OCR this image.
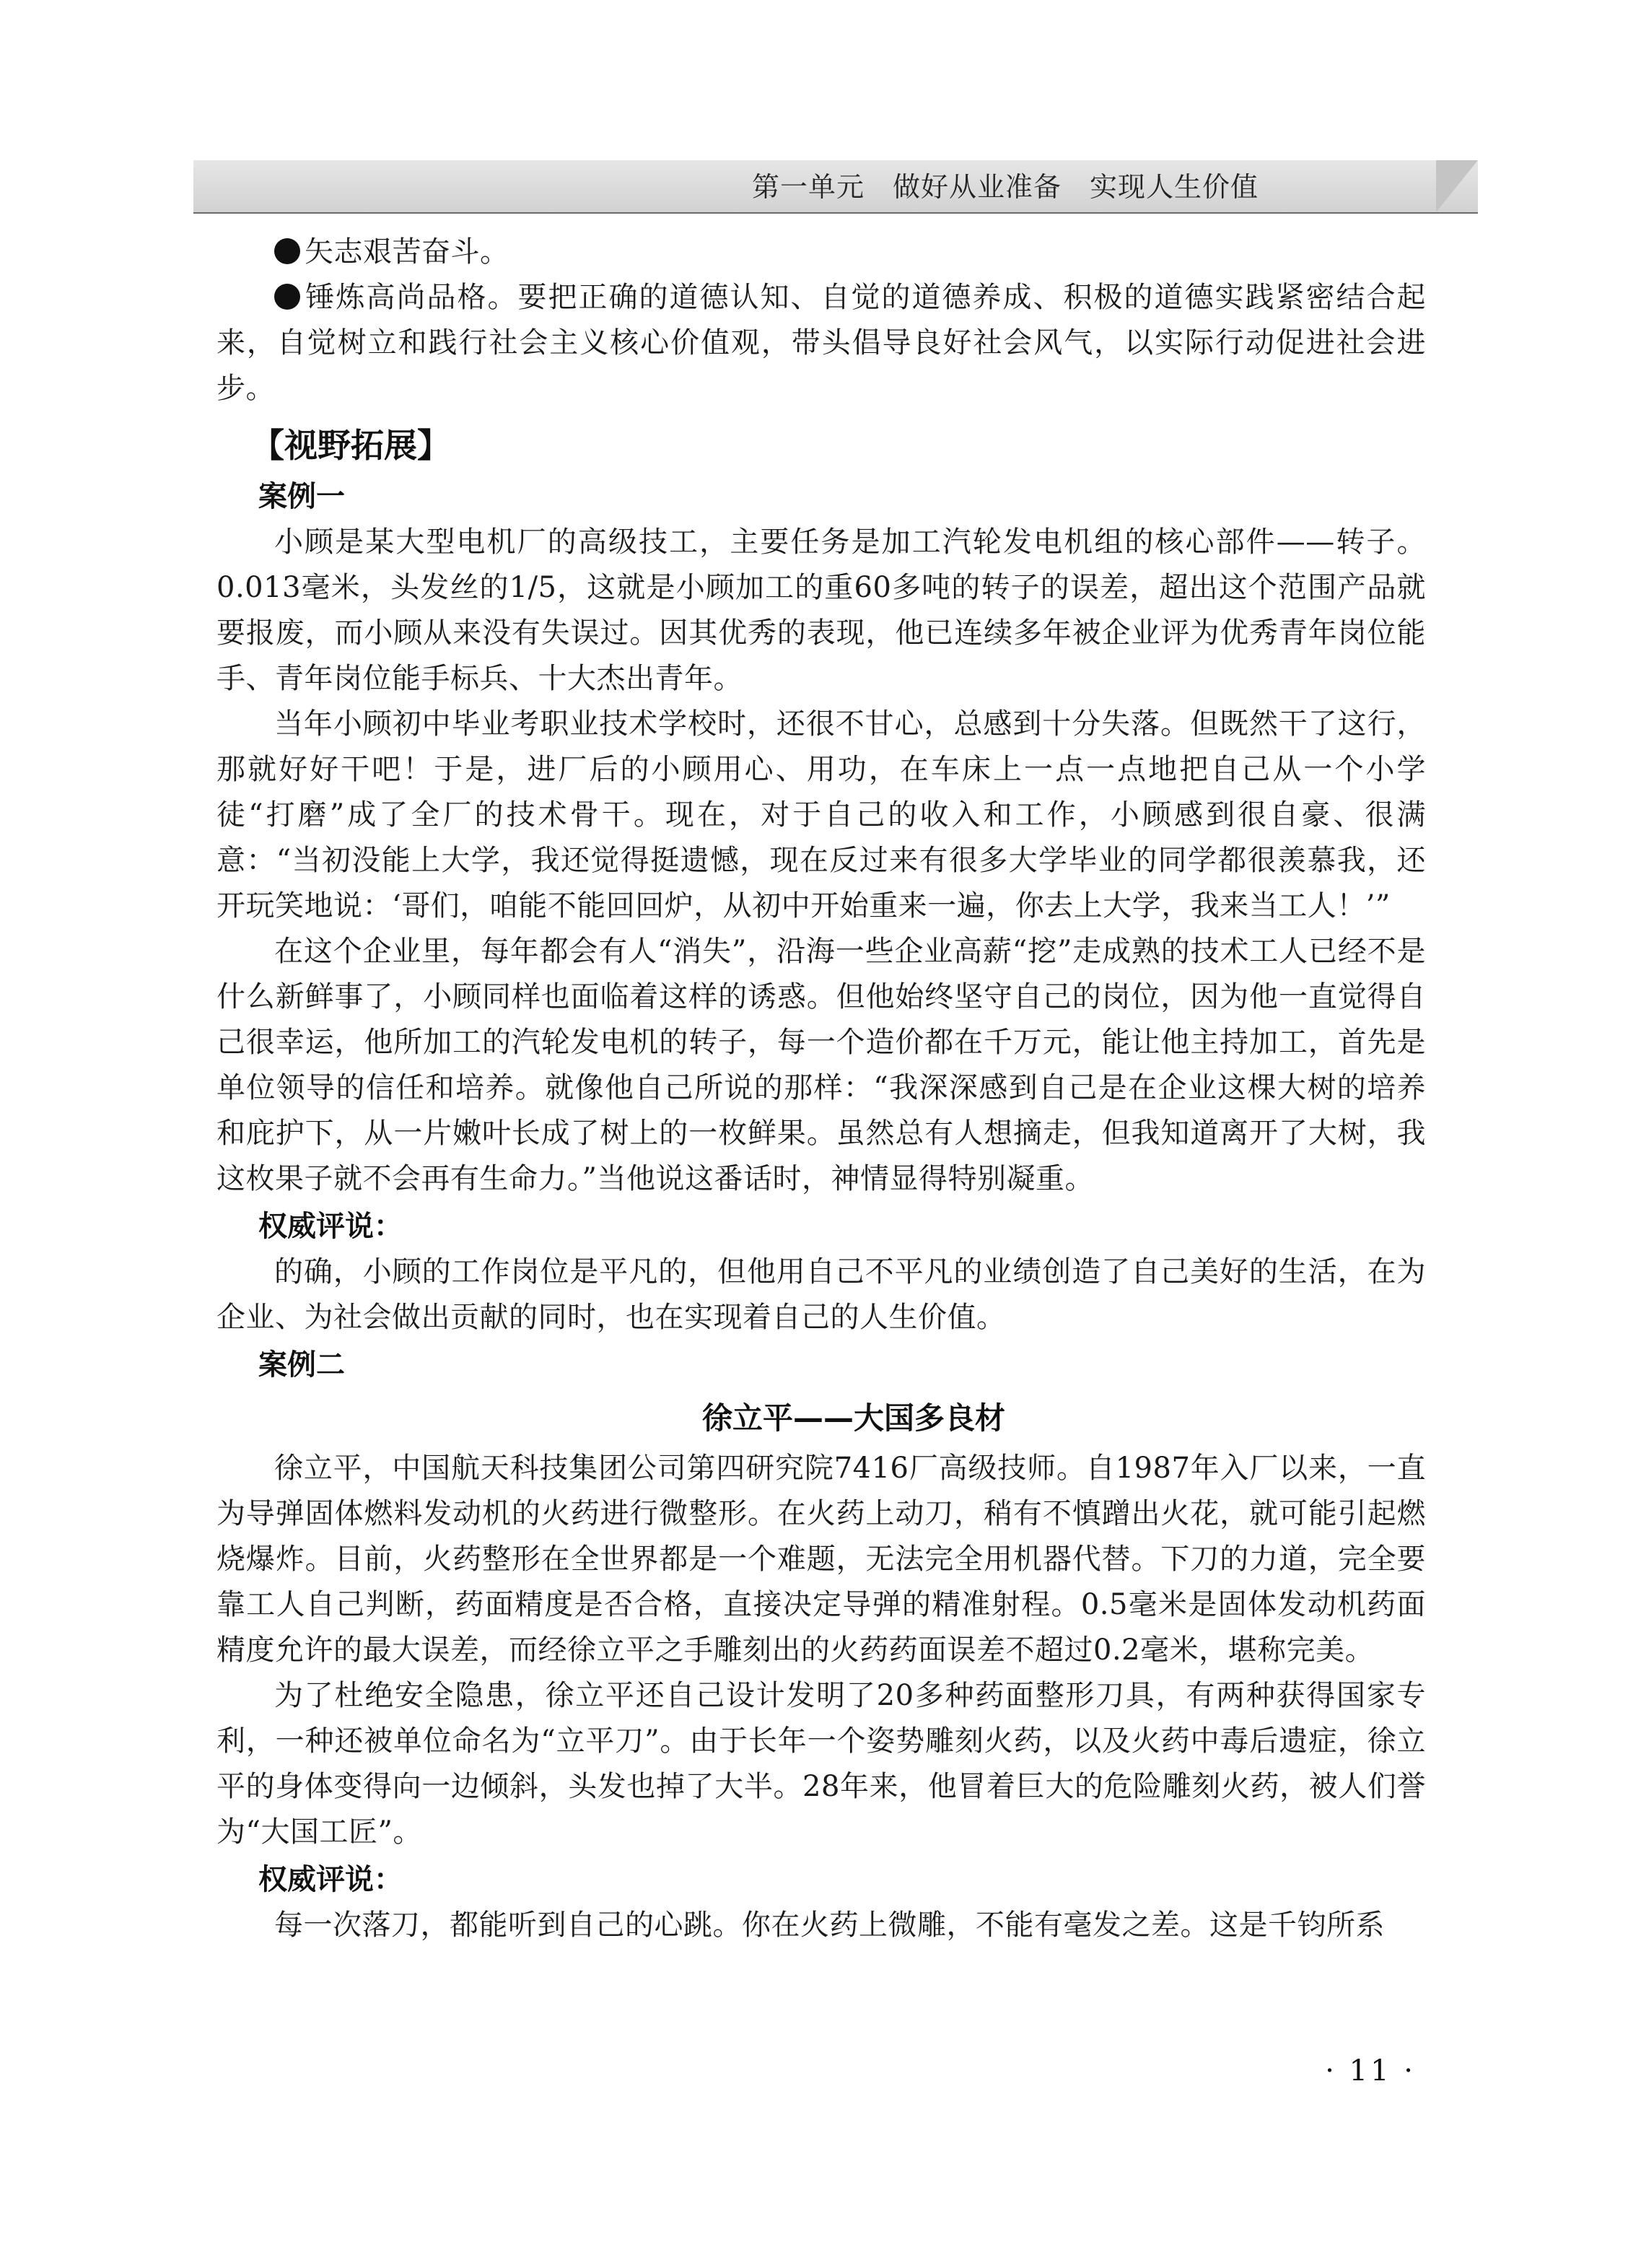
第一单元　做好从业准备　实现人生价值

矢志艰苦奋斗。

锤炼高尚品格。要把正确的道德认知、自觉的道德养成、积极的道德实践紧密结合起来，自觉树立和践行社会主义核心价值观，带头倡导良好社会风气，以实际行动促进社会进步。

【视野拓展】
案例一

小顾是某大型电机厂的高级技工，主要任务是加工汽轮发电机组的核心部件——转子。0.013毫米，头发丝的1/5，这就是小顾加工的重60多吨的转子的误差，超出这个范围产品就要报废，而小顾从来没有失误过。因其优秀的表现，他已连续多年被企业评为优秀青年岗位能手、青年岗位能手标兵、十大杰出青年。

当年小顾初中毕业考职业技术学校时，还很不甘心，总感到十分失落。但既然干了这行，那就好好干吧！于是，进厂后的小顾用心、用功，在车床上一点一点地把自己从一个小学徒“打磨”成了全厂的技术骨干。现在，对于自己的收入和工作，小顾感到很自豪、很满意：“当初没能上大学，我还觉得挺遗憾，现在反过来有很多大学毕业的同学都很羡慕我，还开玩笑地说：‘哥们，咱能不能回回炉，从初中开始重来一遍，你去上大学，我来当工人！’”

在这个企业里，每年都会有人“消失”，沿海一些企业高薪“挖”走成熟的技术工人已经不是什么新鲜事了，小顾同样也面临着这样的诱惑。但他始终坚守自己的岗位，因为他一直觉得自己很幸运，他所加工的汽轮发电机的转子，每一个造价都在千万元，能让他主持加工，首先是单位领导的信任和培养。就像他自己所说的那样：“我深深感到自己是在企业这棵大树的培养和庇护下，从一片嫩叶长成了树上的一枚鲜果。虽然总有人想摘走，但我知道离开了大树，我这枚果子就不会再有生命力。”当他说这番话时，神情显得特别凝重。

权威评说：

的确，小顾的工作岗位是平凡的，但他用自己不平凡的业绩创造了自己美好的生活，在为企业、为社会做出贡献的同时，也在实现着自己的人生价值。

案例二
徐立平——大国多良材

徐立平，中国航天科技集团公司第四研究院7416厂高级技师。自1987年入厂以来，一直为导弹固体燃料发动机的火药进行微整形。在火药上动刀，稍有不慎蹭出火花，就可能引起燃烧爆炸。目前，火药整形在全世界都是一个难题，无法完全用机器代替。下刀的力道，完全要靠工人自己判断，药面精度是否合格，直接决定导弹的精准射程。0.5毫米是固体发动机药面精度允许的最大误差，而经徐立平之手雕刻出的火药药面误差不超过0.2毫米，堪称完美。

为了杜绝安全隐患，徐立平还自己设计发明了20多种药面整形刀具，有两种获得国家专利，一种还被单位命名为“立平刀”。由于长年一个姿势雕刻火药，以及火药中毒后遗症，徐立平的身体变得向一边倾斜，头发也掉了大半。28年来，他冒着巨大的危险雕刻火药，被人们誉为“大国工匠”。

权威评说：

每一次落刀，都能听到自己的心跳。你在火药上微雕，不能有毫发之差。这是千钧所系

· 11 ·
